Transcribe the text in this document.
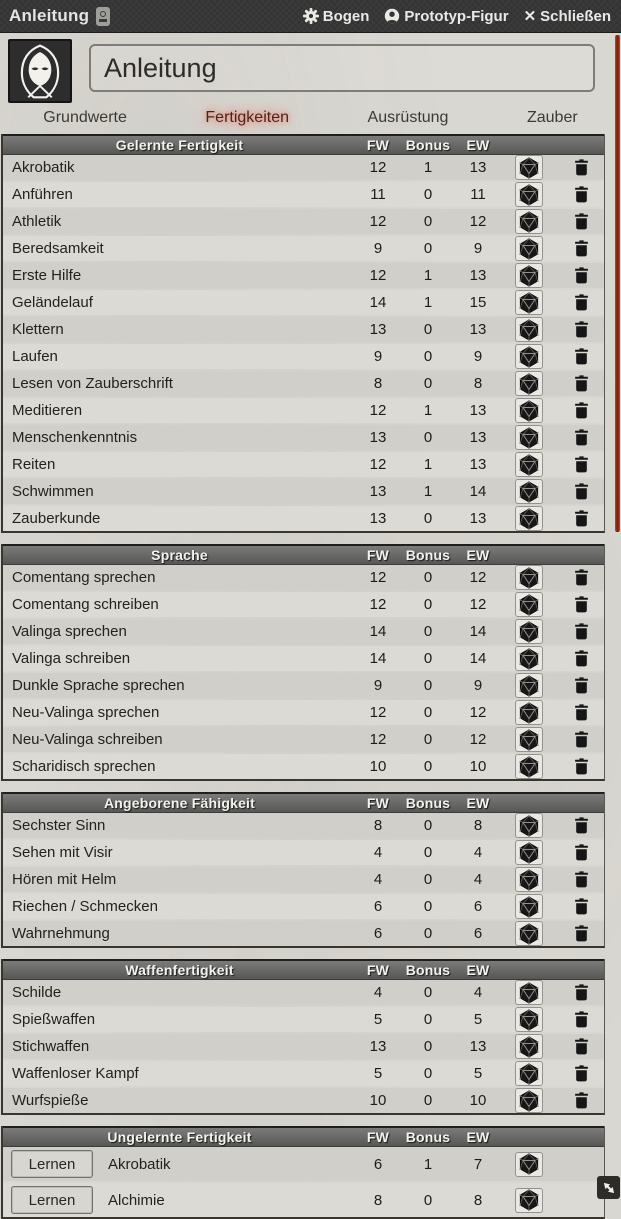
Anleitung	Bogen Prototyp-Figur ✕ Schließen
Anleitung
Grundwerte	Fertigkeiten	Ausrüstung	Zauber
Gelernte Fertigkeit	FW	Bonus	EW
Akrobatik	12	1	13
Anführen	11	0	11
Athletik	12	0	12
Beredsamkeit	9	0	9
Erste Hilfe	12	1	13
Geländelauf	14	1	15
Klettern	13	0	13
Laufen	9	0	9
Lesen von Zauberschrift	8	0	8
Meditieren	12	1	13
Menschenkenntnis	13	0	13
Reiten	12	1	13
Schwimmen	13	1	14
Zauberkunde	13	0	13
Sprache	FW	Bonus	EW
Comentang sprechen	12	0	12
Comentang schreiben	12	0	12
Valinga sprechen	14	0	14
Valinga schreiben	14	0	14
Dunkle Sprache sprechen	9	0	9
Neu-Valinga sprechen	12	0	12
Neu-Valinga schreiben	12	0	12
Scharidisch sprechen	10	0	10
Angeborene Fähigkeit	FW	Bonus	EW
Sechster Sinn	8	0	8
Sehen mit Visir	4	0	4
Hören mit Helm	4	0	4
Riechen / Schmecken	6	0	6
Wahrnehmung	6	0	6
Waffenfertigkeit	FW	Bonus	EW
Schilde	4	0	4
Spießwaffen	5	0	5
Stichwaffen	13	0	13
Waffenloser Kampf	5	0	5
Wurfspieße	10	0	10
Ungelernte Fertigkeit	FW	Bonus	EW
Lernen	Akrobatik	6	1	7
Lernen	Alchimie	8	0	8
